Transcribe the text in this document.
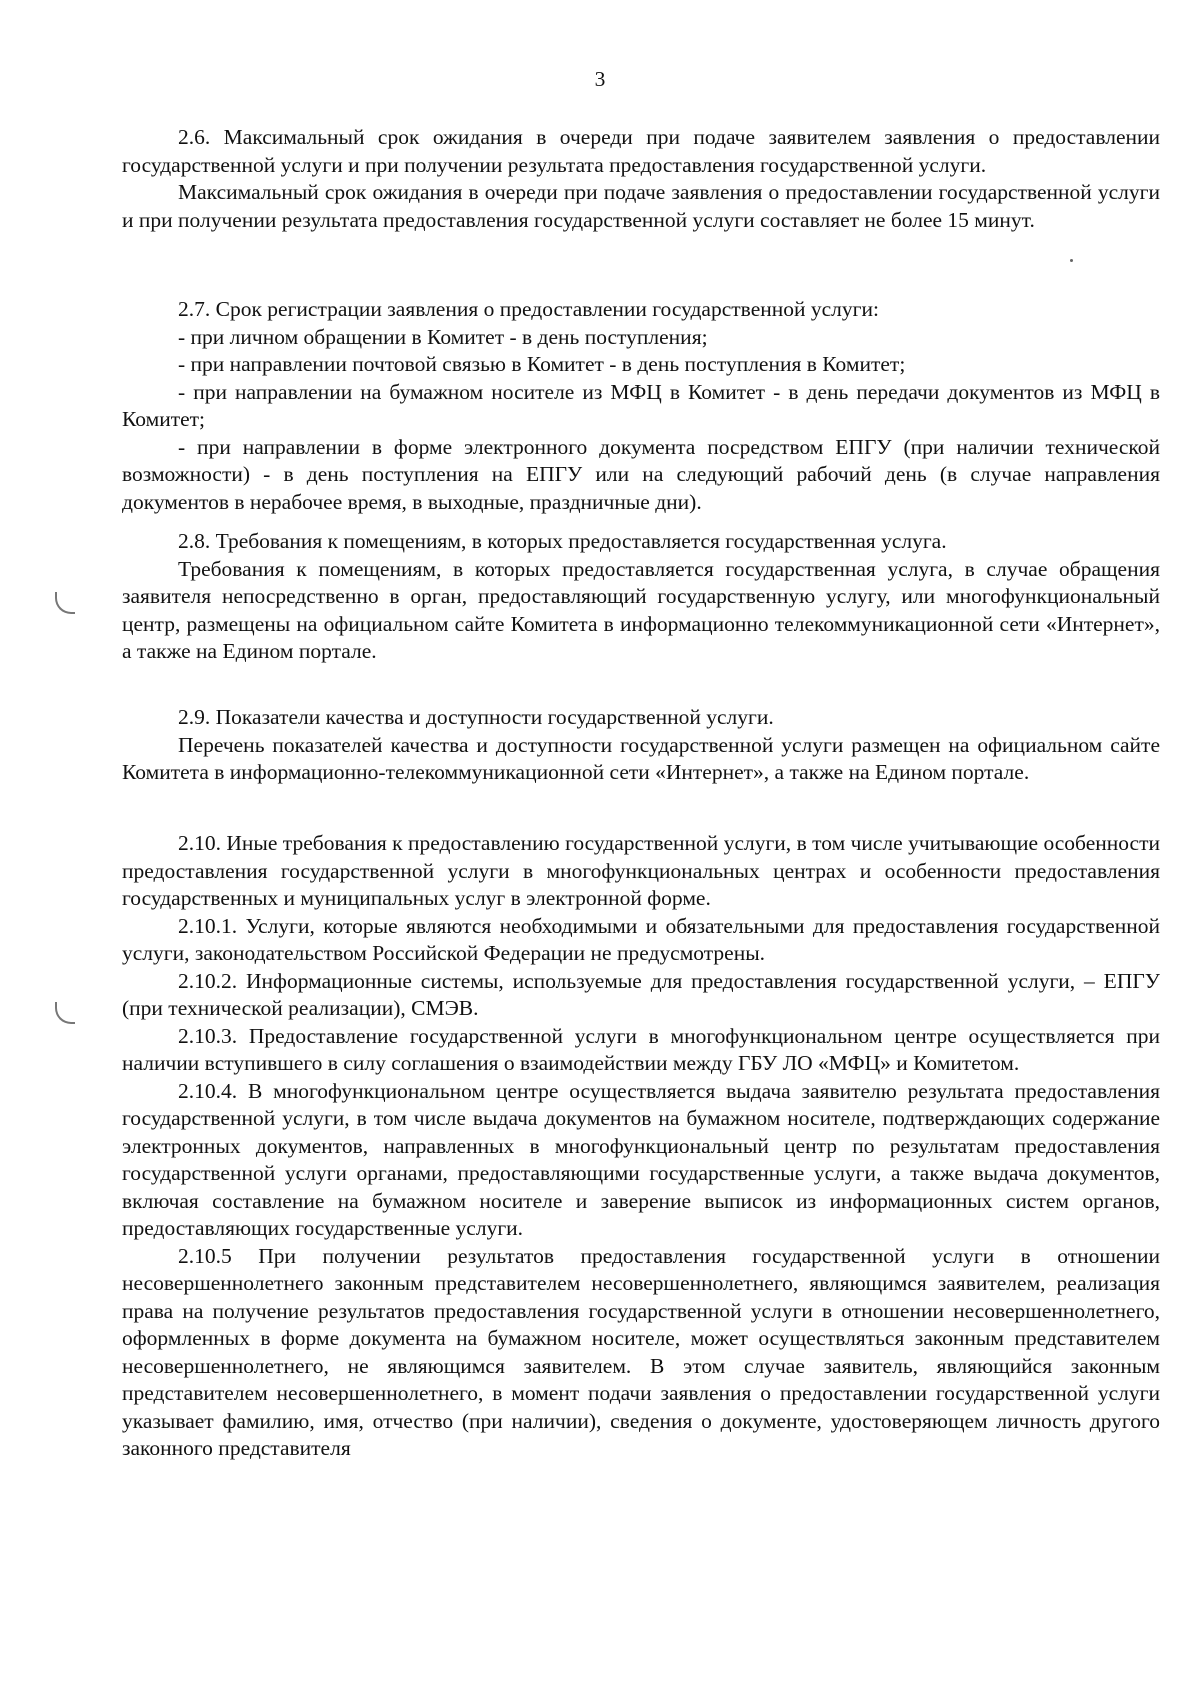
3

2.6. Максимальный срок ожидания в очереди при подаче заявителем заявления о предоставлении государственной услуги и при получении результата предоставления государственной услуги.

Максимальный срок ожидания в очереди при подаче заявления о предоставлении государственной услуги и при получении результата предоставления государственной услуги составляет не более 15 минут.

2.7. Срок регистрации заявления о предоставлении государственной услуги:

- при личном обращении в Комитет - в день поступления;

- при направлении почтовой связью в Комитет - в день поступления в Комитет;

- при направлении на бумажном носителе из МФЦ в Комитет - в день передачи документов из МФЦ в Комитет;

- при направлении в форме электронного документа посредством ЕПГУ (при наличии технической возможности) - в день поступления на ЕПГУ или на следующий рабочий день (в случае направления документов в нерабочее время, в выходные, праздничные дни).

2.8. Требования к помещениям, в которых предоставляется государственная услуга.

Требования к помещениям, в которых предоставляется государственная услуга, в случае обращения заявителя непосредственно в орган, предоставляющий государственную услугу, или многофункциональный центр, размещены на официальном сайте Комитета в информационно телекоммуникационной сети «Интернет», а также на Едином портале.

2.9. Показатели качества и доступности государственной услуги.

Перечень показателей качества и доступности государственной услуги размещен на официальном сайте Комитета в информационно-телекоммуникационной сети «Интернет», а также на Едином портале.

2.10. Иные требования к предоставлению государственной услуги, в том числе учитывающие особенности предоставления государственной услуги в многофункциональных центрах и особенности предоставления государственных и муниципальных услуг в электронной форме.

2.10.1. Услуги, которые являются необходимыми и обязательными для предоставления государственной услуги, законодательством Российской Федерации не предусмотрены.

2.10.2. Информационные системы, используемые для предоставления государственной услуги, – ЕПГУ (при технической реализации), СМЭВ.

2.10.3. Предоставление государственной услуги в многофункциональном центре осуществляется при наличии вступившего в силу соглашения о взаимодействии между ГБУ ЛО «МФЦ» и Комитетом.

2.10.4. В многофункциональном центре осуществляется выдача заявителю результата предоставления государственной услуги, в том числе выдача документов на бумажном носителе, подтверждающих содержание электронных документов, направленных в многофункциональный центр по результатам предоставления государственной услуги органами, предоставляющими государственные услуги, а также выдача документов, включая составление на бумажном носителе и заверение выписок из информационных систем органов, предоставляющих государственные услуги.

2.10.5 При получении результатов предоставления государственной услуги в отношении несовершеннолетнего законным представителем несовершеннолетнего, являющимся заявителем, реализация права на получение результатов предоставления государственной услуги в отношении несовершеннолетнего, оформленных в форме документа на бумажном носителе, может осуществляться законным представителем несовершеннолетнего, не являющимся заявителем. В этом случае заявитель, являющийся законным представителем несовершеннолетнего, в момент подачи заявления о предоставлении государственной услуги указывает фамилию, имя, отчество (при наличии), сведения о документе, удостоверяющем личность другого законного представителя
